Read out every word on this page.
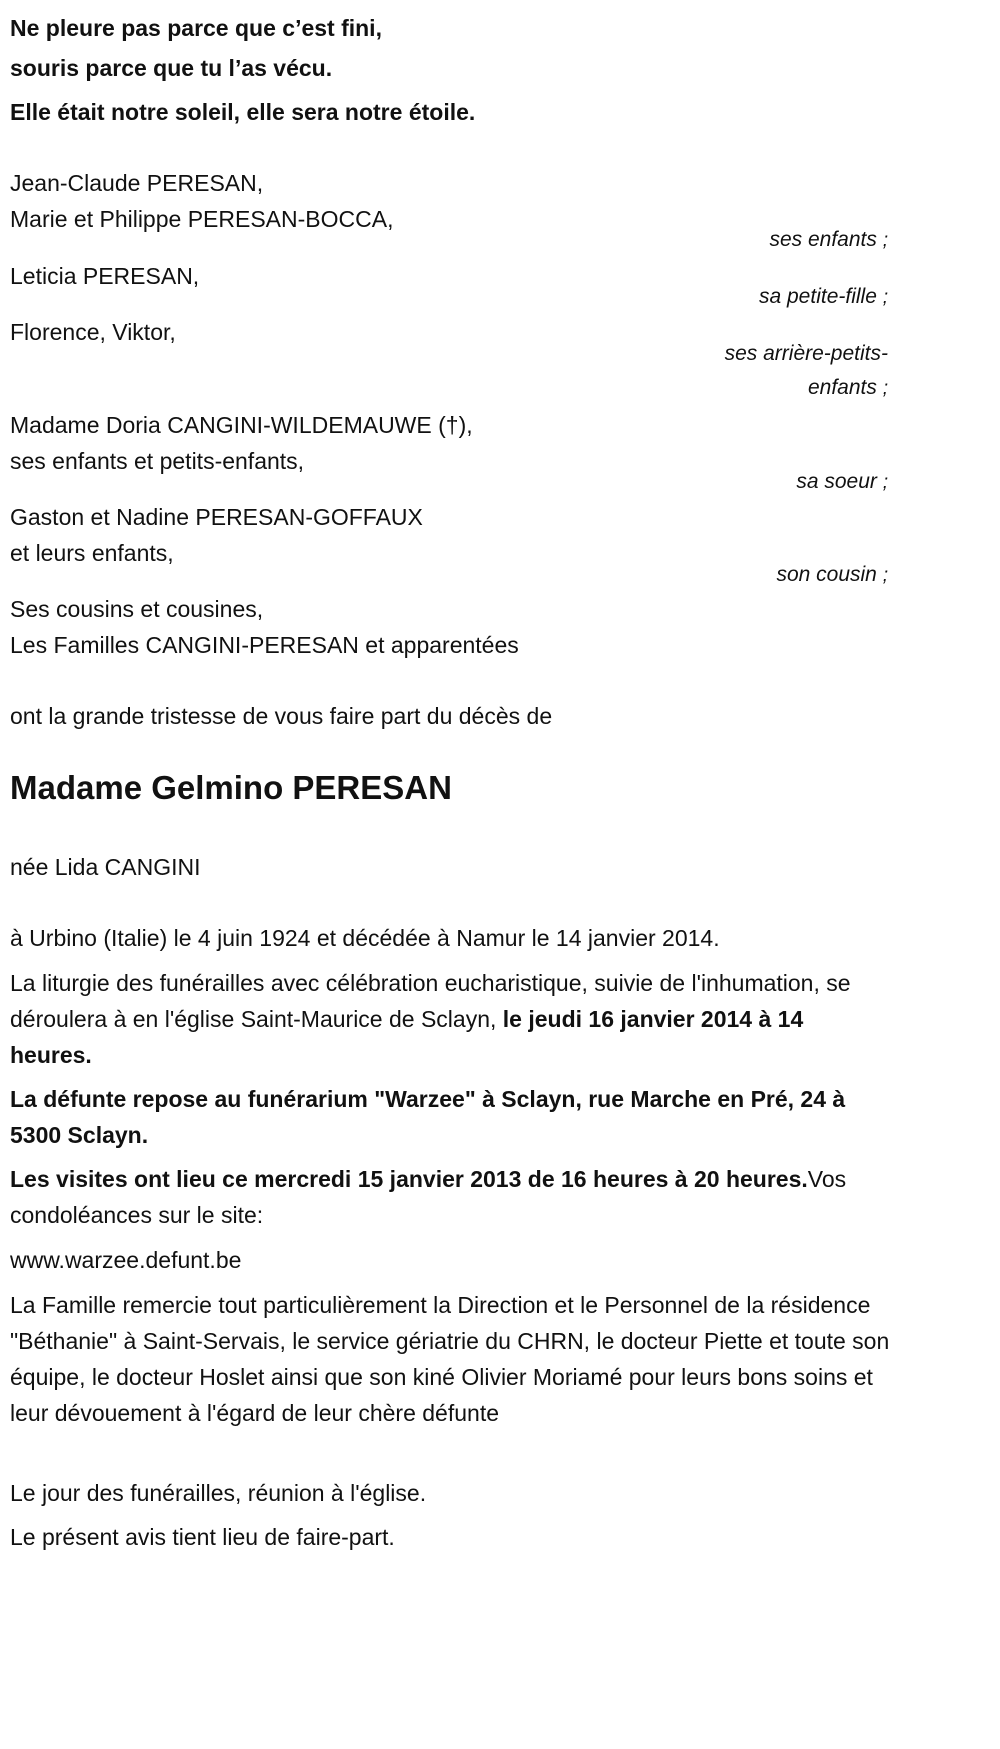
Ne pleure pas parce que c’est fini,

souris parce que tu l’as vécu.

Elle était notre soleil, elle sera notre étoile.

Jean-Claude PERESAN,

Marie et Philippe PERESAN-BOCCA,

ses enfants ;

Leticia PERESAN,

sa petite-fille ;

Florence, Viktor,

ses arrière-petits-

enfants ;

Madame Doria CANGINI-WILDEMAUWE (†),

ses enfants et petits-enfants,

sa soeur ;

Gaston et Nadine PERESAN-GOFFAUX

et leurs enfants,

son cousin ;

Ses cousins et cousines,

Les Familles CANGINI-PERESAN et apparentées

ont la grande tristesse de vous faire part du décès de
Madame Gelmino PERESAN
née Lida CANGINI
à Urbino (Italie) le 4 juin 1924 et décédée à Namur le 14 janvier 2014.
La liturgie des funérailles avec célébration eucharistique, suivie de l'inhumation, se déroulera à en l'église Saint-Maurice de Sclayn, le jeudi 16 janvier 2014 à 14 heures.
La défunte repose au funérarium "Warzee" à Sclayn, rue Marche en Pré, 24 à 5300 Sclayn.
Les visites ont lieu ce mercredi 15 janvier 2013 de 16 heures à 20 heures.Vos condoléances sur le site:
www.warzee.defunt.be
La Famille remercie tout particulièrement la Direction et le Personnel de la résidence "Béthanie" à Saint-Servais, le service gériatrie du CHRN, le docteur Piette et toute son équipe, le docteur Hoslet ainsi que son kiné Olivier Moriamé pour leurs bons soins et leur dévouement à l'égard de leur chère défunte
Le jour des funérailles, réunion à l'église.
Le présent avis tient lieu de faire-part.
